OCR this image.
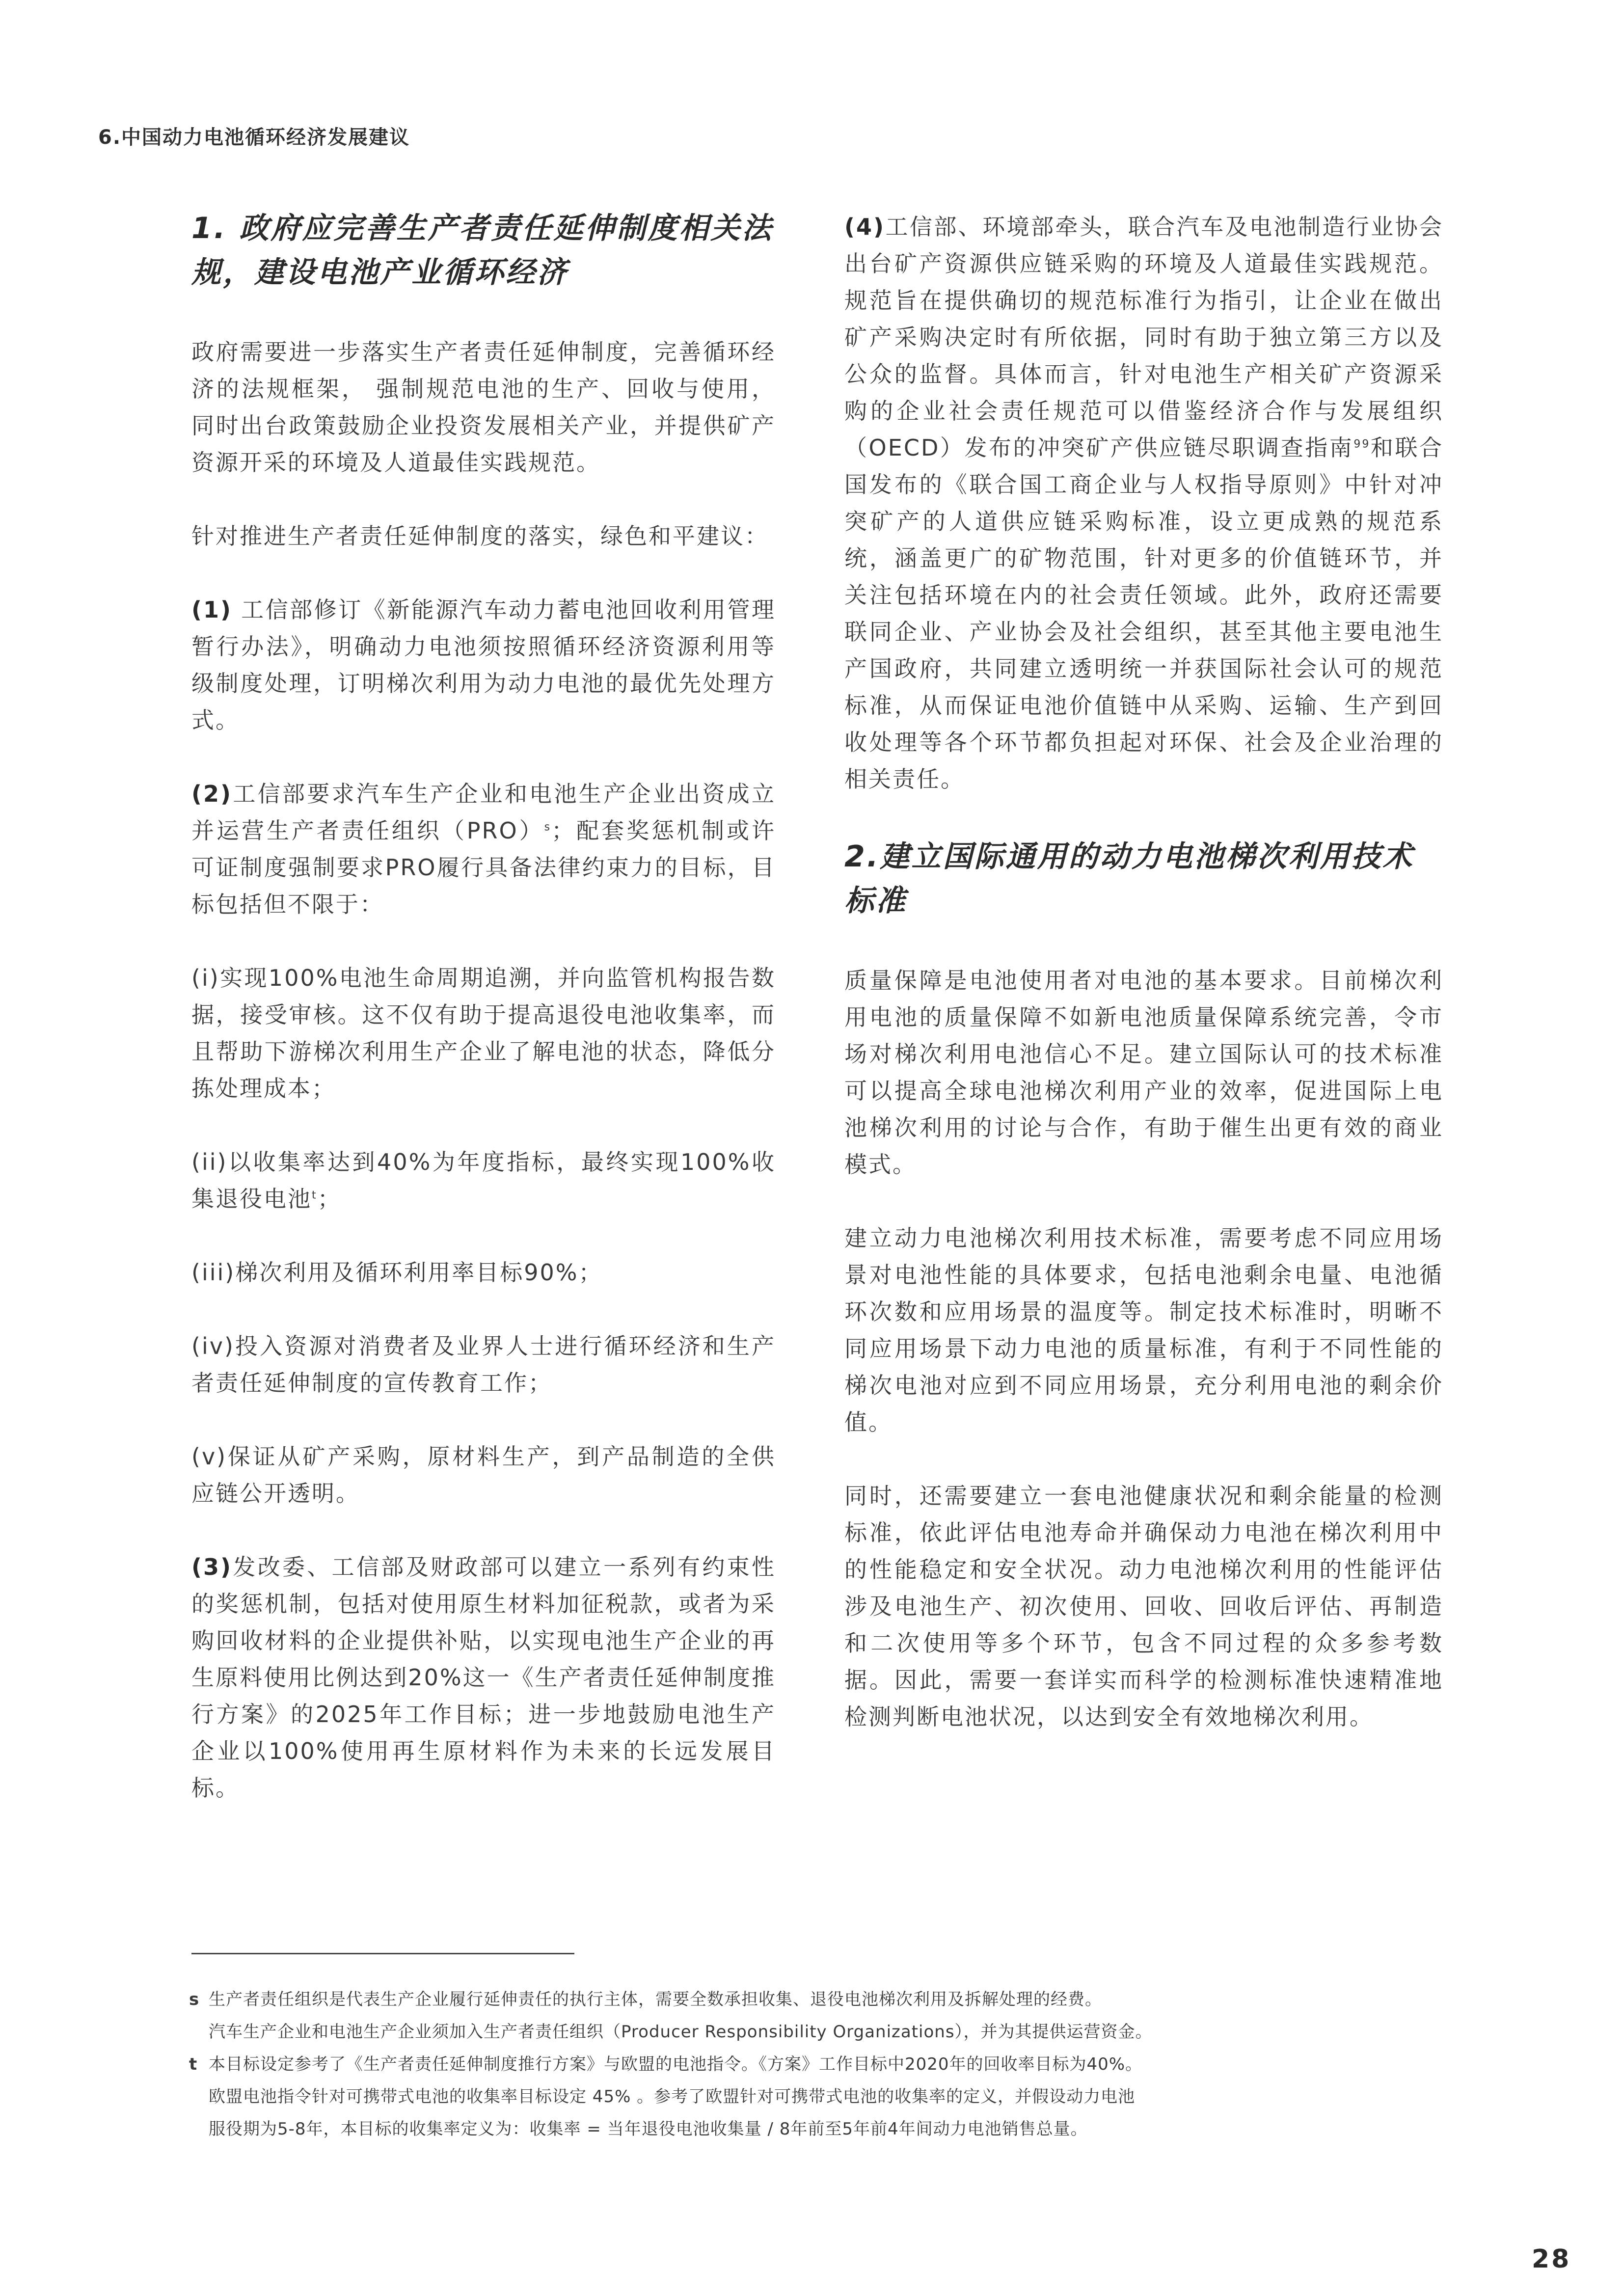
6.中国动力电池循环经济发展建议
1. 政府应完善生产者责任延伸制度相关法规，建设电池产业循环经济

政府需要进一步落实生产者责任延伸制度，完善循环经济的法规框架， 强制规范电池的生产、回收与使用， 同时出台政策鼓励企业投资发展相关产业，并提供矿产资源开采的环境及人道最佳实践规范。

针对推进生产者责任延伸制度的落实，绿色和平建议：

(1) 工信部修订《新能源汽车动力蓄电池回收利用管理暂行办法》，明确动力电池须按照循环经济资源利用等级制度处理，订明梯次利用为动力电池的最优先处理方式。

(2)工信部要求汽车生产企业和电池生产企业出资成立并运营生产者责任组织（PRO）$^s$；配套奖惩机制或许可证制度强制要求PRO履行具备法律约束力的目标，目标包括但不限于：

(i)实现100%电池生命周期追溯，并向监管机构报告数据，接受审核。这不仅有助于提高退役电池收集率，而且帮助下游梯次利用生产企业了解电池的状态，降低分拣处理成本；

(ii)以收集率达到40%为年度指标，最终实现100%收集退役电池$^t$；

(iii)梯次利用及循环利用率目标90%；

(iv)投入资源对消费者及业界人士进行循环经济和生产者责任延伸制度的宣传教育工作；

(v)保证从矿产采购，原材料生产，到产品制造的全供应链公开透明。

(3)发改委、工信部及财政部可以建立一系列有约束性的奖惩机制，包括对使用原生材料加征税款，或者为采购回收材料的企业提供补贴，以实现电池生产企业的再生原料使用比例达到20%这一《生产者责任延伸制度推行方案》的2025年工作目标；进一步地鼓励电池生产企业以100%使用再生原材料作为未来的长远发展目标。

(4)工信部、环境部牵头，联合汽车及电池制造行业协会出台矿产资源供应链采购的环境及人道最佳实践规范。规范旨在提供确切的规范标准行为指引，让企业在做出矿产采购决定时有所依据，同时有助于独立第三方以及公众的监督。具体而言，针对电池生产相关矿产资源采购的企业社会责任规范可以借鉴经济合作与发展组织（OECD）发布的冲突矿产供应链尽职调查指南$^{99}$和联合国发布的《联合国工商企业与人权指导原则》中针对冲突矿产的人道供应链采购标准，设立更成熟的规范系统，涵盖更广的矿物范围，针对更多的价值链环节，并关注包括环境在内的社会责任领域。此外，政府还需要联同企业、产业协会及社会组织，甚至其他主要电池生产国政府，共同建立透明统一并获国际社会认可的规范标准，从而保证电池价值链中从采购、运输、生产到回收处理等各个环节都负担起对环保、社会及企业治理的相关责任。

2.建立国际通用的动力电池梯次利用技术标准

质量保障是电池使用者对电池的基本要求。目前梯次利用电池的质量保障不如新电池质量保障系统完善，令市场对梯次利用电池信心不足。建立国际认可的技术标准可以提高全球电池梯次利用产业的效率，促进国际上电池梯次利用的讨论与合作，有助于催生出更有效的商业模式。

建立动力电池梯次利用技术标准，需要考虑不同应用场景对电池性能的具体要求，包括电池剩余电量、电池循环次数和应用场景的温度等。制定技术标准时，明晰不同应用场景下动力电池的质量标准，有利于不同性能的梯次电池对应到不同应用场景，充分利用电池的剩余价值。

同时，还需要建立一套电池健康状况和剩余能量的检测标准，依此评估电池寿命并确保动力电池在梯次利用中的性能稳定和安全状况。动力电池梯次利用的性能评估涉及电池生产、初次使用、回收、回收后评估、再制造和二次使用等多个环节，包含不同过程的众多参考数据。因此，需要一套详实而科学的检测标准快速精准地检测判断电池状况，以达到安全有效地梯次利用。

s 生产者责任组织是代表生产企业履行延伸责任的执行主体，需要全数承担收集、退役电池梯次利用及拆解处理的经费。
汽车生产企业和电池生产企业须加入生产者责任组织（Producer Responsibility Organizations），并为其提供运营资金。
t 本目标设定参考了《生产者责任延伸制度推行方案》与欧盟的电池指令。《方案》工作目标中2020年的回收率目标为40%。
欧盟电池指令针对可携带式电池的收集率目标设定 45% 。参考了欧盟针对可携带式电池的收集率的定义，并假设动力电池
服役期为5-8年，本目标的收集率定义为：收集率 = 当年退役电池收集量 / 8年前至5年前4年间动力电池销售总量。
28
